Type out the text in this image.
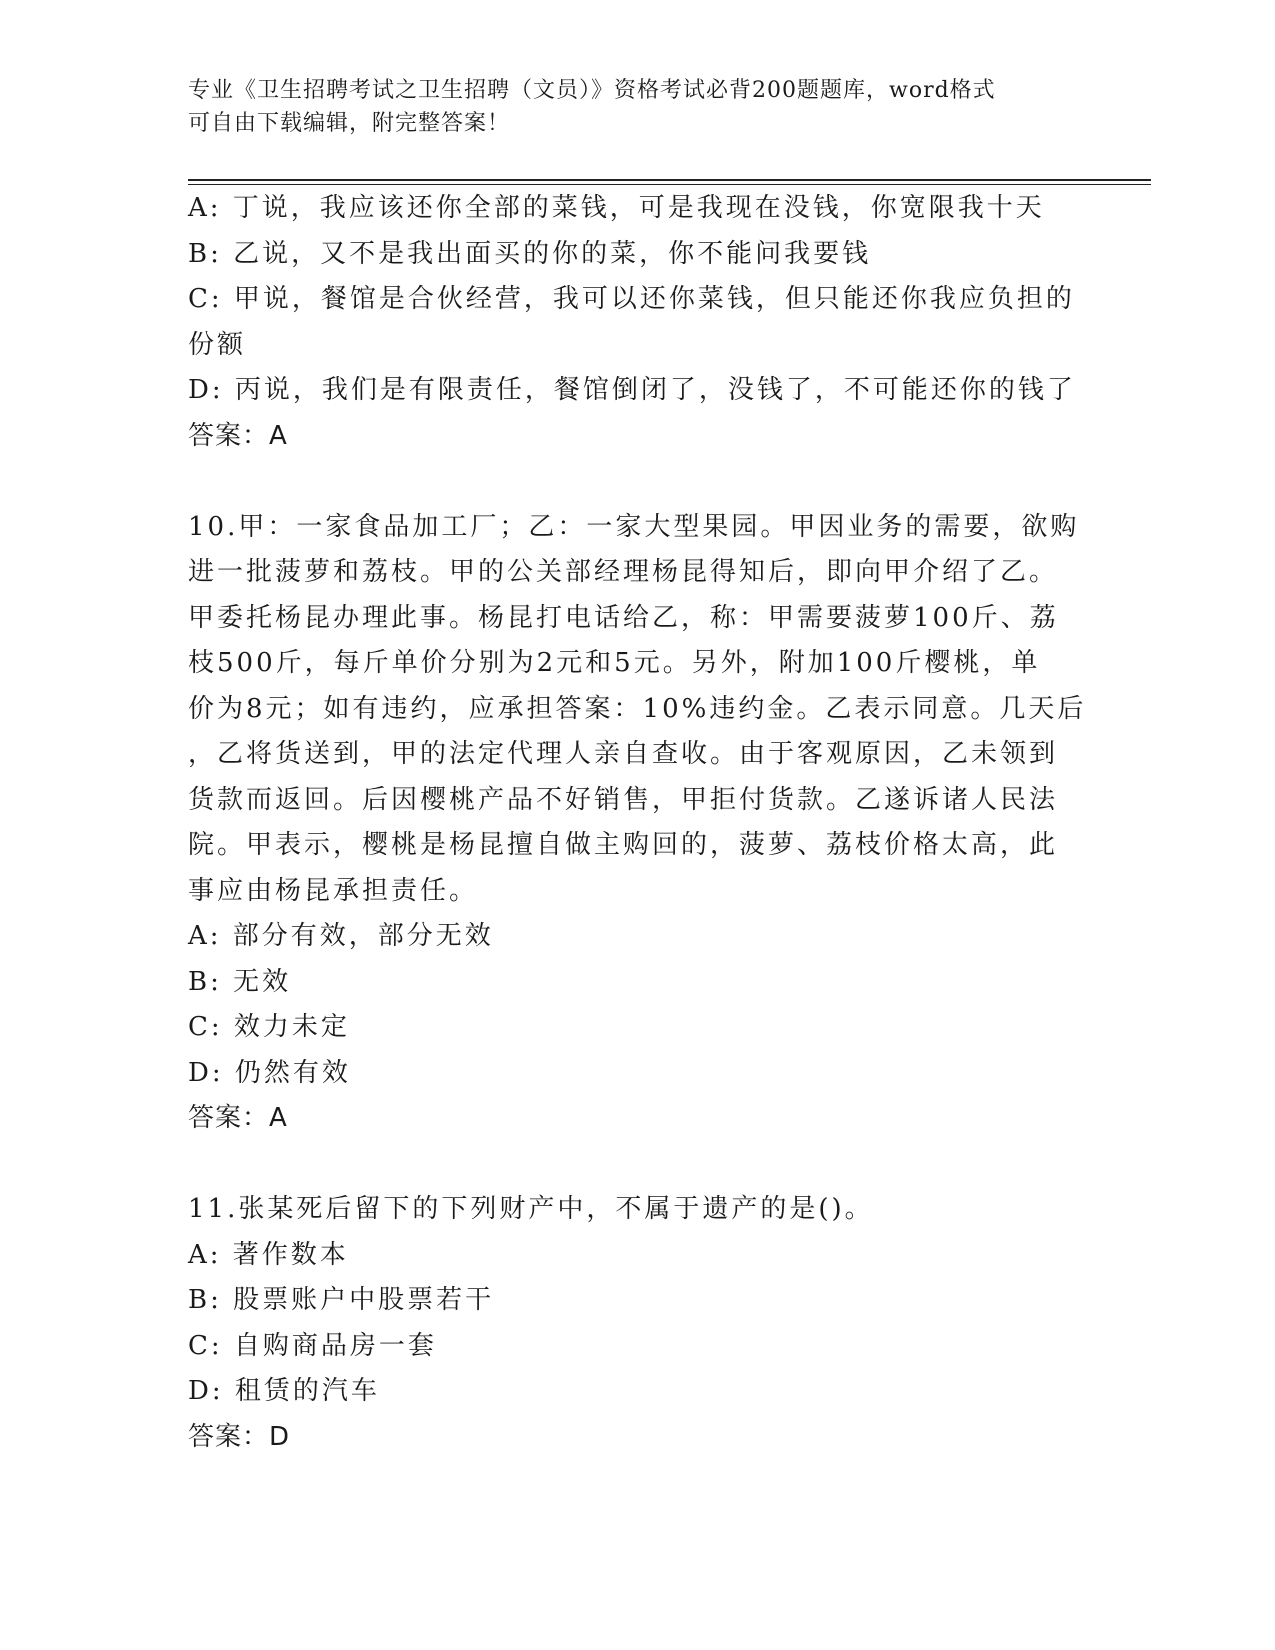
专业《卫生招聘考试之卫生招聘（文员）》资格考试必背200题题库，word格式
可自由下载编辑，附完整答案！
A: 丁说，我应该还你全部的菜钱，可是我现在没钱，你宽限我十天
B: 乙说，又不是我出面买的你的菜，你不能问我要钱
C: 甲说，餐馆是合伙经营，我可以还你菜钱，但只能还你我应负担的
份额
D: 丙说，我们是有限责任，餐馆倒闭了，没钱了，不可能还你的钱了
答案：A
10.甲：一家食品加工厂；乙：一家大型果园。甲因业务的需要，欲购
进一批菠萝和荔枝。甲的公关部经理杨昆得知后，即向甲介绍了乙。
甲委托杨昆办理此事。杨昆打电话给乙，称：甲需要菠萝100斤、荔
枝500斤，每斤单价分别为2元和5元。另外，附加100斤樱桃，单
价为8元；如有违约，应承担答案：10%违约金。乙表示同意。几天后
，乙将货送到，甲的法定代理人亲自查收。由于客观原因，乙未领到
货款而返回。后因樱桃产品不好销售，甲拒付货款。乙遂诉诸人民法
院。甲表示，樱桃是杨昆擅自做主购回的，菠萝、荔枝价格太高，此
事应由杨昆承担责任。
A: 部分有效，部分无效
B: 无效
C: 效力未定
D: 仍然有效
答案：A
11.张某死后留下的下列财产中，不属于遗产的是()。
A: 著作数本
B: 股票账户中股票若干
C: 自购商品房一套
D: 租赁的汽车
答案：D
